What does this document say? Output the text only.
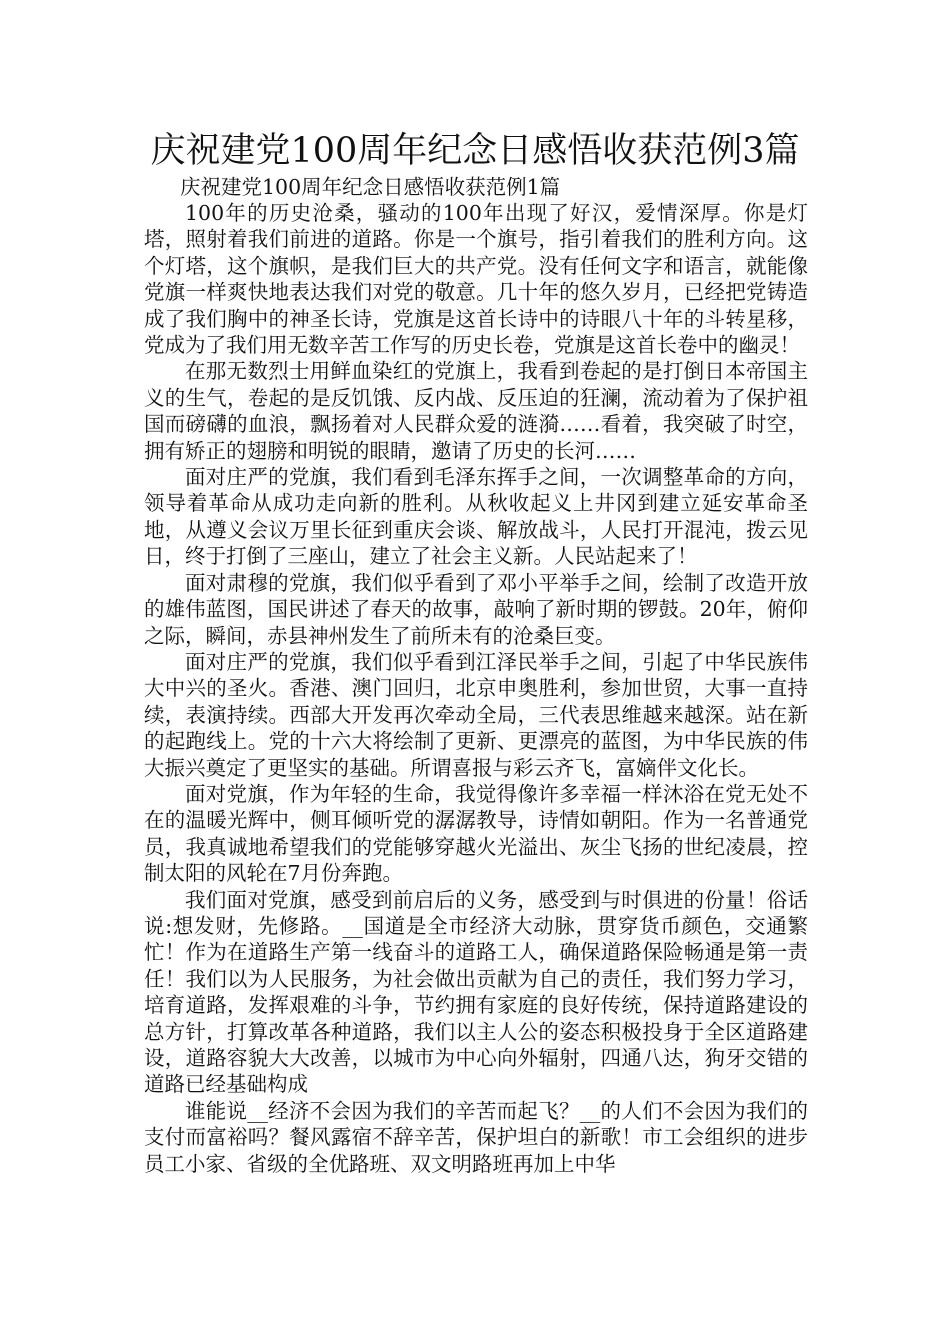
庆祝建党100周年纪念日感悟收获范例3篇

庆祝建党100周年纪念日感悟收获范例1篇

100年的历史沧桑，骚动的100年出现了好汉，爱情深厚。你是灯塔，照射着我们前进的道路。你是一个旗号，指引着我们的胜利方向。这个灯塔，这个旗帜，是我们巨大的共产党。没有任何文字和语言，就能像党旗一样爽快地表达我们对党的敬意。几十年的悠久岁月，已经把党铸造成了我们胸中的神圣长诗，党旗是这首长诗中的诗眼八十年的斗转星移，党成为了我们用无数辛苦工作写的历史长卷，党旗是这首长卷中的幽灵！

在那无数烈士用鲜血染红的党旗上，我看到卷起的是打倒日本帝国主义的生气，卷起的是反饥饿、反内战、反压迫的狂澜，流动着为了保护祖国而磅礴的血浪，飘扬着对人民群众爱的涟漪……看着，我突破了时空，拥有矫正的翅膀和明锐的眼睛，邀请了历史的长河……

面对庄严的党旗，我们看到毛泽东挥手之间，一次调整革命的方向，领导着革命从成功走向新的胜利。从秋收起义上井冈到建立延安革命圣地，从遵义会议万里长征到重庆会谈、解放战斗，人民打开混沌，拨云见日，终于打倒了三座山，建立了社会主义新。人民站起来了！

面对肃穆的党旗，我们似乎看到了邓小平举手之间，绘制了改造开放的雄伟蓝图，国民讲述了春天的故事，敲响了新时期的锣鼓。20年，俯仰之际，瞬间，赤县神州发生了前所未有的沧桑巨变。

面对庄严的党旗，我们似乎看到江泽民举手之间，引起了中华民族伟大中兴的圣火。香港、澳门回归，北京申奥胜利，参加世贸，大事一直持续，表演持续。西部大开发再次牵动全局，三代表思维越来越深。站在新的起跑线上。党的十六大将绘制了更新、更漂亮的蓝图，为中华民族的伟大振兴奠定了更坚实的基础。所谓喜报与彩云齐飞，富嫡伴文化长。

面对党旗，作为年轻的生命，我觉得像许多幸福一样沐浴在党无处不在的温暖光辉中，侧耳倾听党的潺潺教导，诗情如朝阳。作为一名普通党员，我真诚地希望我们的党能够穿越火光溢出、灰尘飞扬的世纪凌晨，控制太阳的风轮在7月份奔跑。

我们面对党旗，感受到前启后的义务，感受到与时俱进的份量！俗话说:想发财，先修路。__国道是全市经济大动脉，贯穿货币颜色，交通繁忙！作为在道路生产第一线奋斗的道路工人，确保道路保险畅通是第一责任！我们以为人民服务，为社会做出贡献为自己的责任，我们努力学习，培育道路，发挥艰难的斗争，节约拥有家庭的良好传统，保持道路建设的总方针，打算改革各种道路，我们以主人公的姿态积极投身于全区道路建设，道路容貌大大改善，以城市为中心向外辐射，四通八达，狗牙交错的道路已经基础构成

谁能说__经济不会因为我们的辛苦而起飞？__的人们不会因为我们的支付而富裕吗？餐风露宿不辞辛苦，保护坦白的新歌！市工会组织的进步员工小家、省级的全优路班、双文明路班再加上中华
